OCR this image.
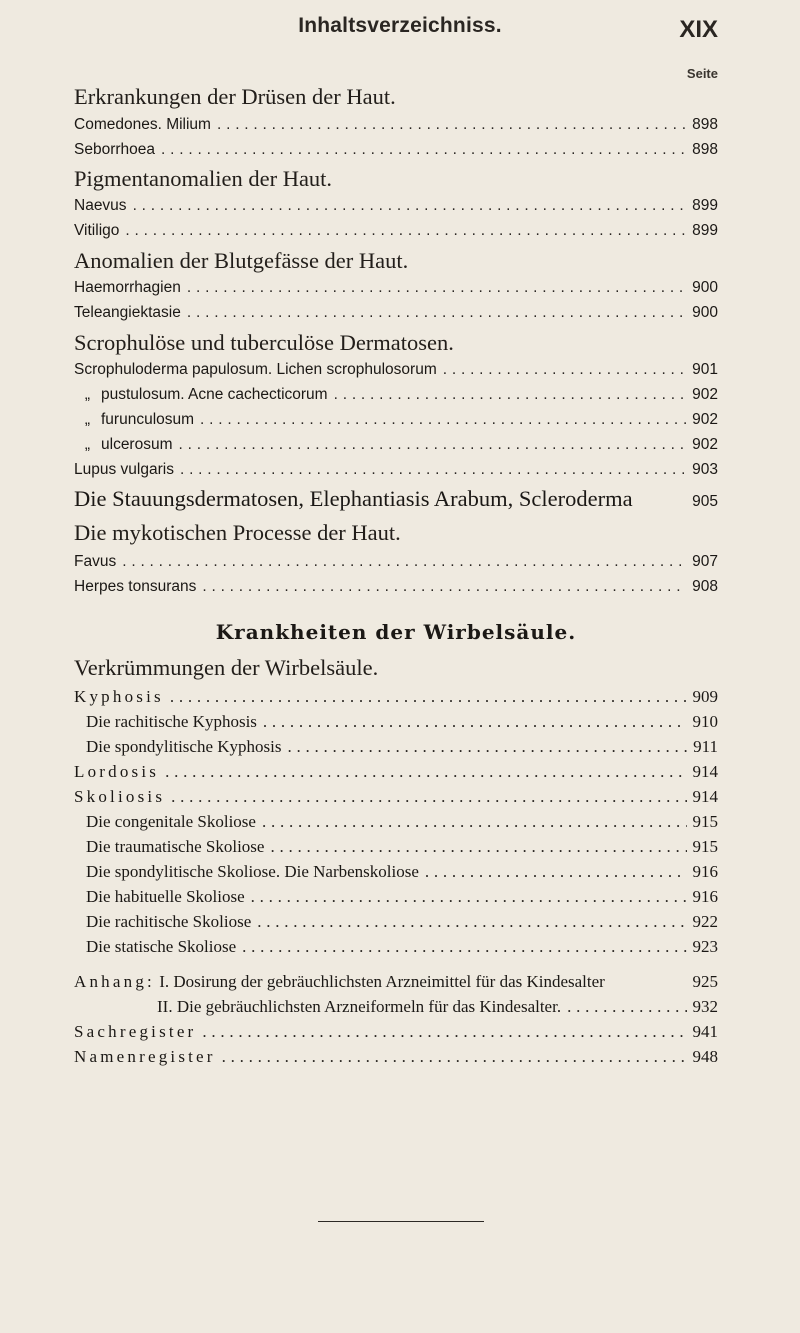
Inhaltsverzeichniss.	XIX
Seite
Erkrankungen der Drüsen der Haut.
Comedones. Milium . . .	898
Seborrhoea . . .	898
Pigmentanomalien der Haut.
Naevus . . .	899
Vitiligo . . .	899
Anomalien der Blutgefässe der Haut.
Haemorrhagien . . .	900
Teleangiektasie . . .	900
Scrophulöse und tuberculöse Dermatosen.
Scrophuloderma papulosum. Lichen scrophulosorum . . .	901
„ pustulosum. Acne cachecticorum . . .	902
„ furunculosum . . .	902
„ ulcerosum . . .	902
Lupus vulgaris . . .	903
Die Stauungsdermatosen, Elephantiasis Arabum, Scleroderma	905
Die mykotischen Processe der Haut.
Favus . . .	907
Herpes tonsurans . . .	908
Krankheiten der Wirbelsäule.
Verkrümmungen der Wirbelsäule.
Kyphosis . . .	909
Die rachitische Kyphosis . . .	910
Die spondylitische Kyphosis . . .	911
Lordosis . . .	914
Skoliosis . . .	914
Die congenitale Skoliose . . .	915
Die traumatische Skoliose . . .	915
Die spondylitische Skoliose. Die Narbenskoliose . . .	916
Die habituelle Skoliose . . .	916
Die rachitische Skoliose . . .	922
Die statische Skoliose . . .	923
Anhang: I. Dosirung der gebräuchlichsten Arzneimittel für das Kindesalter	925
II. Die gebräuchlichsten Arzneiformeln für das Kindesalter. . . .	932
Sachregister . . .	941
Namenregister . . .	948
